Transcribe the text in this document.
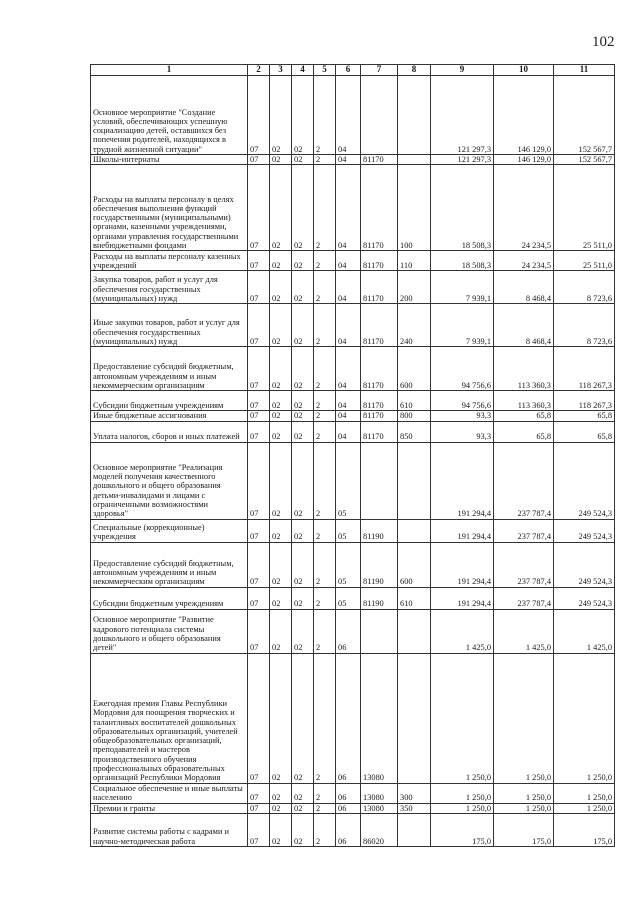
102
1	2	3	4	5	6	7	8	9	10	11
Основное мероприятие "Создание условий, обеспечивающих успешную социализацию детей, оставшихся без попечения родителей, находящихся в трудной жизненной ситуации"	07	02	02	2	04			121 297,3	146 129,0	152 567,7
Школы-интернаты	07	02	02	2	04	81170		121 297,3	146 129,0	152 567,7
Расходы на выплаты персоналу в целях обеспечения выполнения функций государственными (муниципальными) органами, казенными учреждениями, органами управления государственными внебюджетными фондами	07	02	02	2	04	81170	100	18 508,3	24 234,5	25 511,0
Расходы на выплаты персоналу казенных учреждений	07	02	02	2	04	81170	110	18 508,3	24 234,5	25 511,0
Закупка товаров, работ и услуг для обеспечения государственных (муниципальных) нужд	07	02	02	2	04	81170	200	7 939,1	8 468,4	8 723,6
Иные закупки товаров, работ и услуг для обеспечения государственных (муниципальных) нужд	07	02	02	2	04	81170	240	7 939,1	8 468,4	8 723,6
Предоставление субсидий бюджетным, автономным учреждениям и иным некоммерческим организациям	07	02	02	2	04	81170	600	94 756,6	113 360,3	118 267,3
Субсидии бюджетным учреждениям	07	02	02	2	04	81170	610	94 756,6	113 360,3	118 267,3
Иные бюджетные ассигнования	07	02	02	2	04	81170	800	93,3	65,8	65,8
Уплата налогов, сборов и иных платежей	07	02	02	2	04	81170	850	93,3	65,8	65,8
Основное мероприятие "Реализация моделей получения качественного дошкольного и общего образования детьми-инвалидами и лицами с ограниченными возможностями здоровья"	07	02	02	2	05			191 294,4	237 787,4	249 524,3
Специальные (коррекционные) учреждения	07	02	02	2	05	81190		191 294,4	237 787,4	249 524,3
Предоставление субсидий бюджетным, автономным учреждениям и иным некоммерческим организациям	07	02	02	2	05	81190	600	191 294,4	237 787,4	249 524,3
Субсидии бюджетным учреждениям	07	02	02	2	05	81190	610	191 294,4	237 787,4	249 524,3
Основное мероприятие "Развитие кадрового потенциала системы дошкольного и общего образования детей"	07	02	02	2	06			1 425,0	1 425,0	1 425,0
Ежегодная премия Главы Республики Мордовия для поощрения творческих и талантливых воспитателей дошкольных образовательных организаций, учителей общеобразовательных организаций, преподавателей и мастеров производственного обучения профессиональных образовательных организаций Республики Мордовия	07	02	02	2	06	13080		1 250,0	1 250,0	1 250,0
Социальное обеспечение и иные выплаты населению	07	02	02	2	06	13080	300	1 250,0	1 250,0	1 250,0
Премии и гранты	07	02	02	2	06	13080	350	1 250,0	1 250,0	1 250,0
Развитие системы работы с кадрами и научно-методическая работа	07	02	02	2	06	86020		175,0	175,0	175,0
